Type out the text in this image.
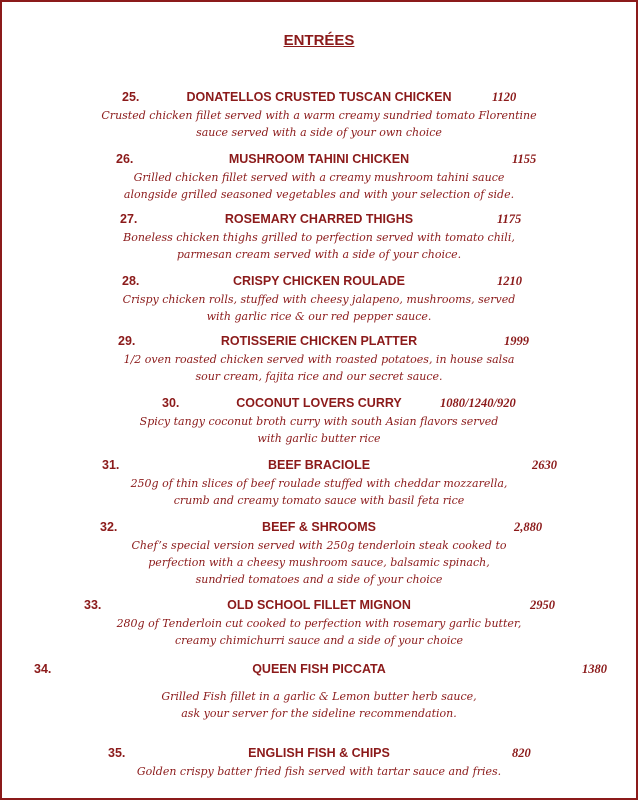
ENTRÉES
25.	DONATELLOS CRUSTED TUSCAN CHICKEN	1120
Crusted chicken fillet served with a warm creamy sundried tomato Florentine
sauce served with a side of your own choice
26.	MUSHROOM TAHINI CHICKEN	1155
Grilled chicken fillet served with a creamy mushroom tahini sauce
alongside grilled seasoned vegetables and with your selection of side.
27.	ROSEMARY CHARRED THIGHS	1175
Boneless chicken thighs grilled to perfection served with tomato chili,
parmesan cream served with a side of your choice.
28.	CRISPY CHICKEN ROULADE	1210
Crispy chicken rolls, stuffed with cheesy jalapeno, mushrooms, served
with garlic rice & our red pepper sauce.
29.	ROTISSERIE CHICKEN PLATTER	1999
1/2 oven roasted chicken served with roasted potatoes, in house salsa
sour cream, fajita rice and our secret sauce.
30.	COCONUT LOVERS CURRY	1080/1240/920
Spicy tangy coconut broth curry with south Asian flavors served
with garlic butter rice
31.	BEEF BRACIOLE	2630
250g of thin slices of beef roulade stuffed with cheddar mozzarella,
crumb and creamy tomato sauce with basil feta rice
32.	BEEF & SHROOMS	2,880
Chef’s special version served with 250g tenderloin steak cooked to
perfection with a cheesy mushroom sauce, balsamic spinach,
sundried tomatoes and a side of your choice
33.	OLD SCHOOL FILLET MIGNON	2950
280g of Tenderloin cut cooked to perfection with rosemary garlic butter,
creamy chimichurri sauce and a side of your choice
34.	QUEEN FISH PICCATA	1380
Grilled Fish fillet in a garlic & Lemon butter herb sauce,
ask your server for the sideline recommendation.
35.	ENGLISH FISH & CHIPS	820
Golden crispy batter fried fish served with tartar sauce and fries.
